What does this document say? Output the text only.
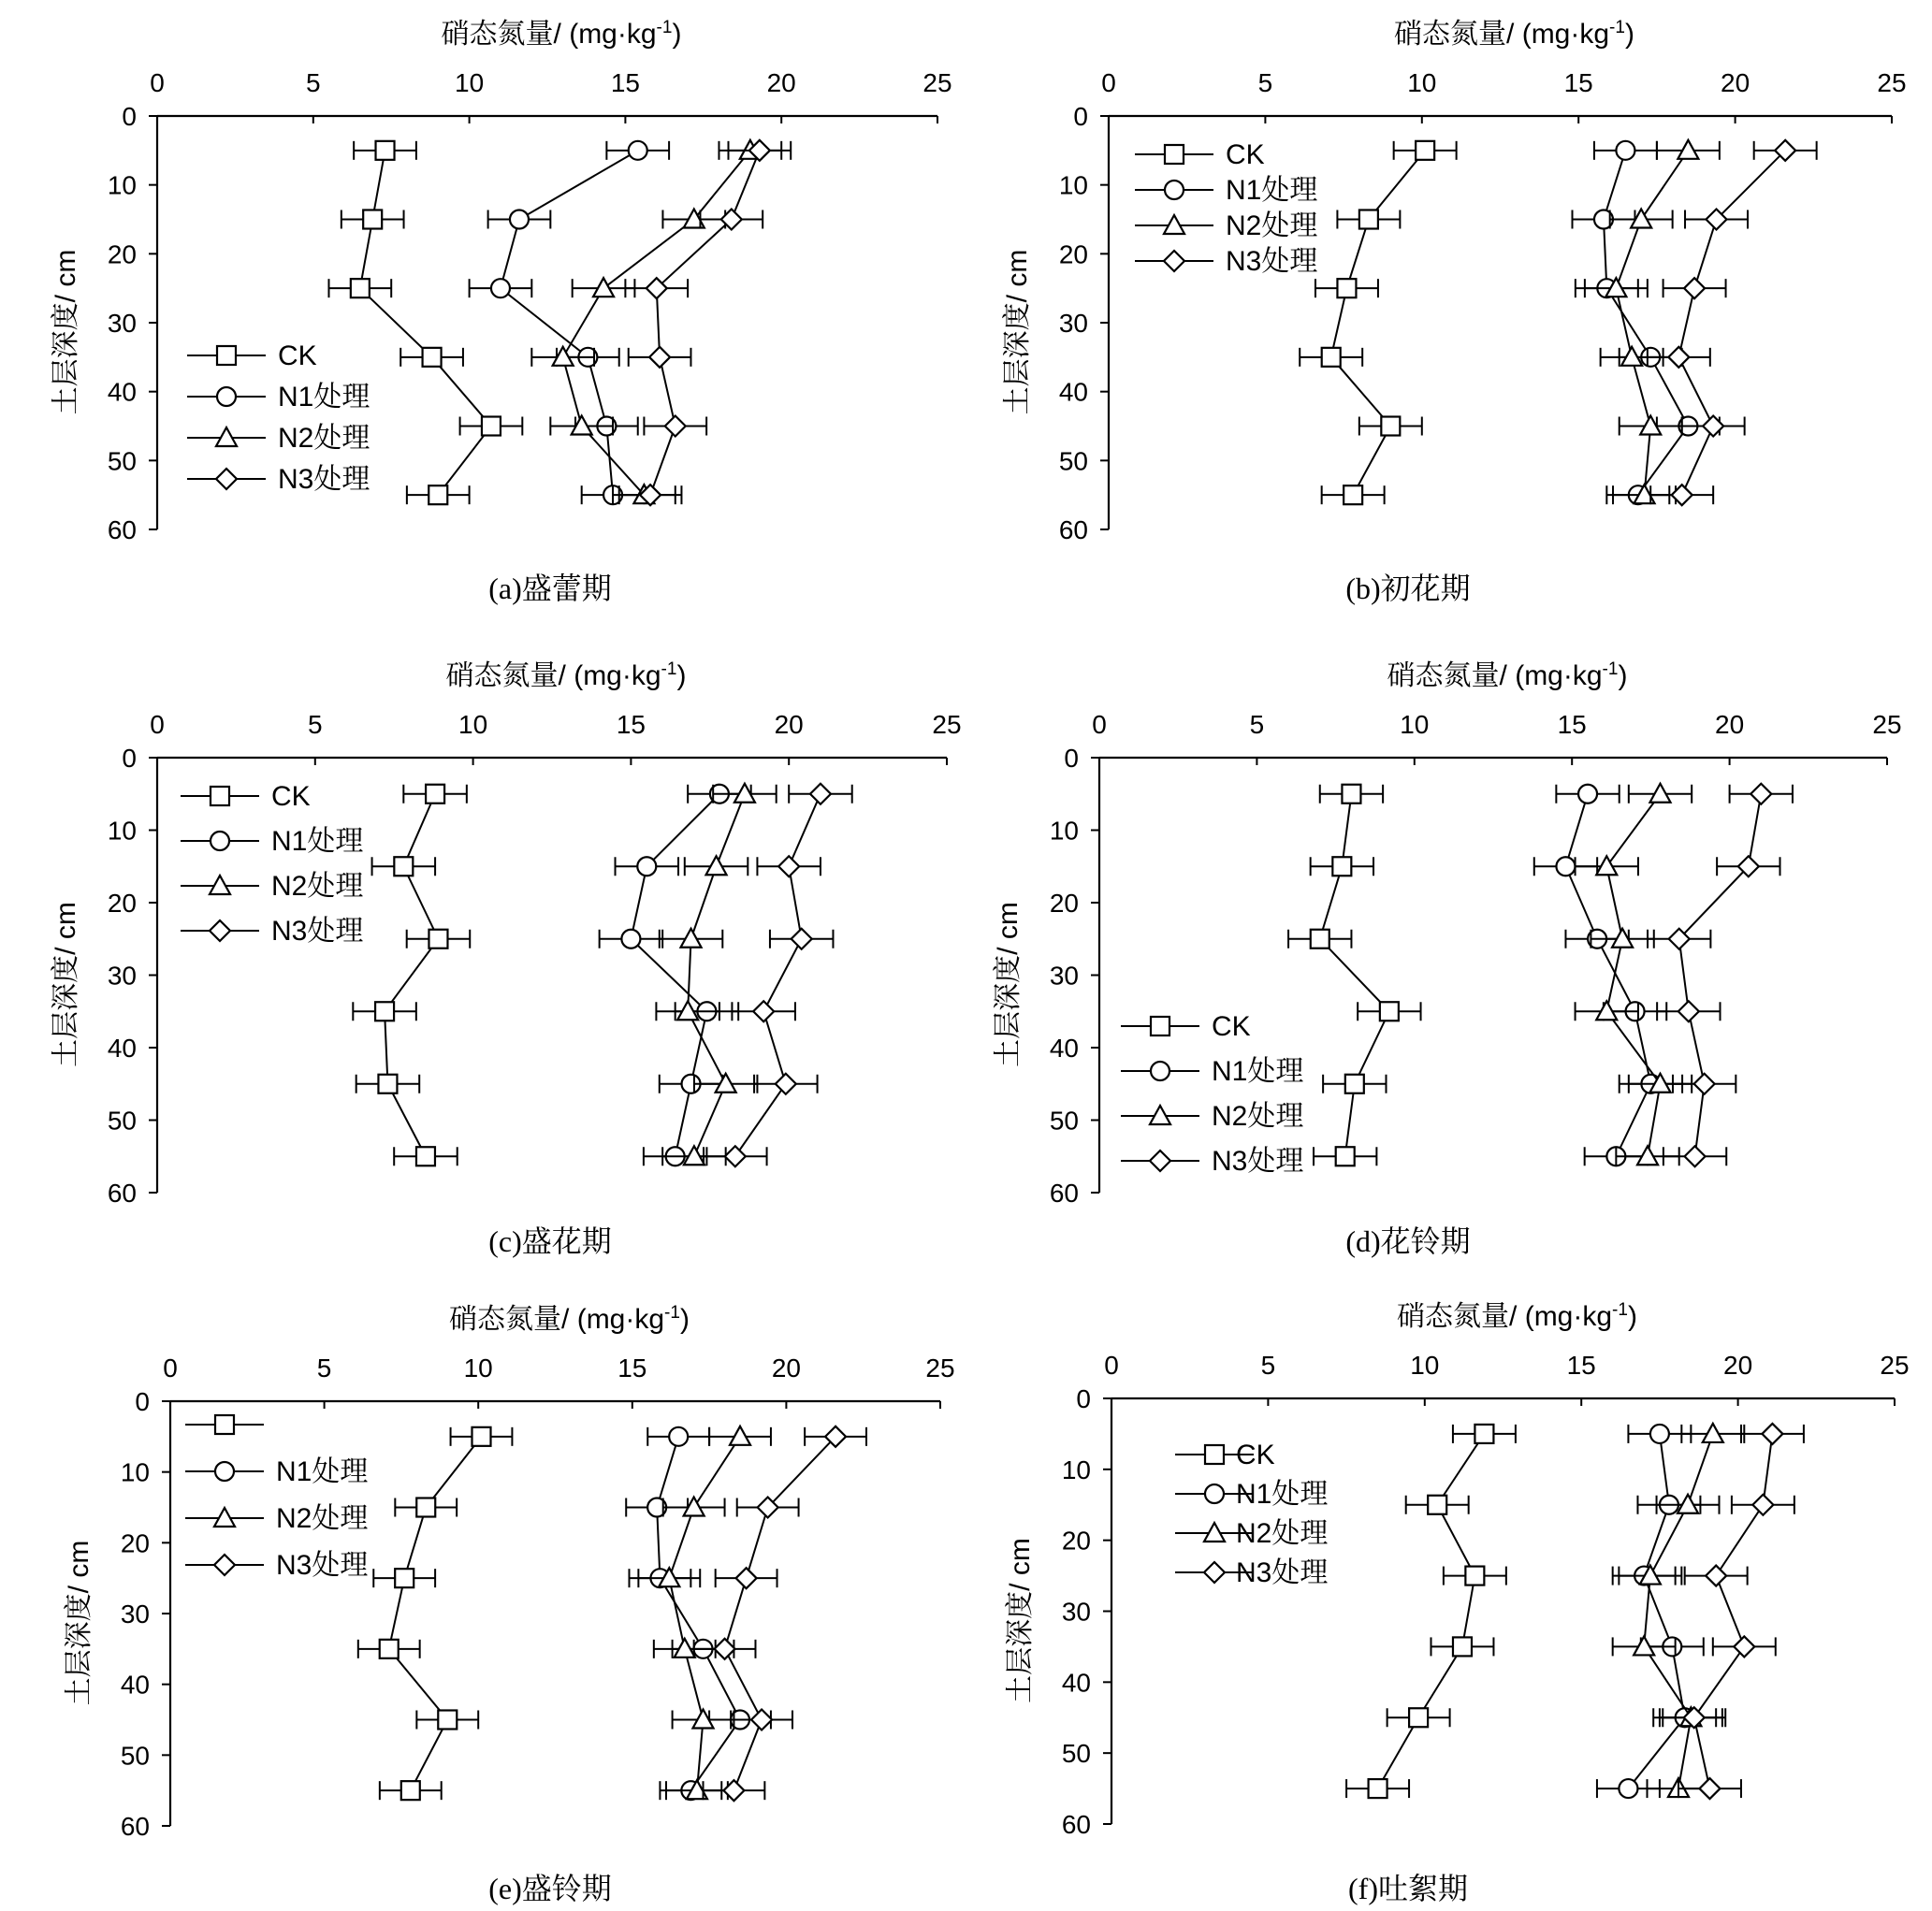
0	5	10	15	20	25
0
10
20
30
40
50
60
硝态氮量/ $(mg\cdot kg^{-1})$
土层深度/ cm	CK
N1处理
N2处理
N3处理
(a)盛蕾期
0	5	10	15	20	25
0
10
20
30
40
50
60
硝态氮量/ $(mg\cdot kg^{-1})$
土层深度/ cm
CK
N1处理
N2处理
N3处理
(b)初花期
0	5	10	15	20	25
0
10
20
30
40
50
60
硝态氮量/ $(mg\cdot kg^{-1})$
土层深度/ cm
CK
N1处理
N2处理
N3处理
(c)盛花期
0	5	10	15	20	25
0
10
20
30
40
50
60
硝态氮量/ $(mg\cdot kg^{-1})$
土层深度/ cm	CK
N1处理
N2处理
N3处理
(d)花铃期
0	5	10	15	20	25
0
10
20
30
40
50
60
硝态氮量/ $(mg\cdot kg^{-1})$
土层深度/ cm
N1处理
N2处理
N3处理
(e)盛铃期
0	5	10	15	20	25
0
10
20
30
40
50
60
硝态氮量/ $(mg\cdot kg^{-1})$
土层深度/ cm
CK
N1处理
N2处理
N3处理
(f)吐絮期
